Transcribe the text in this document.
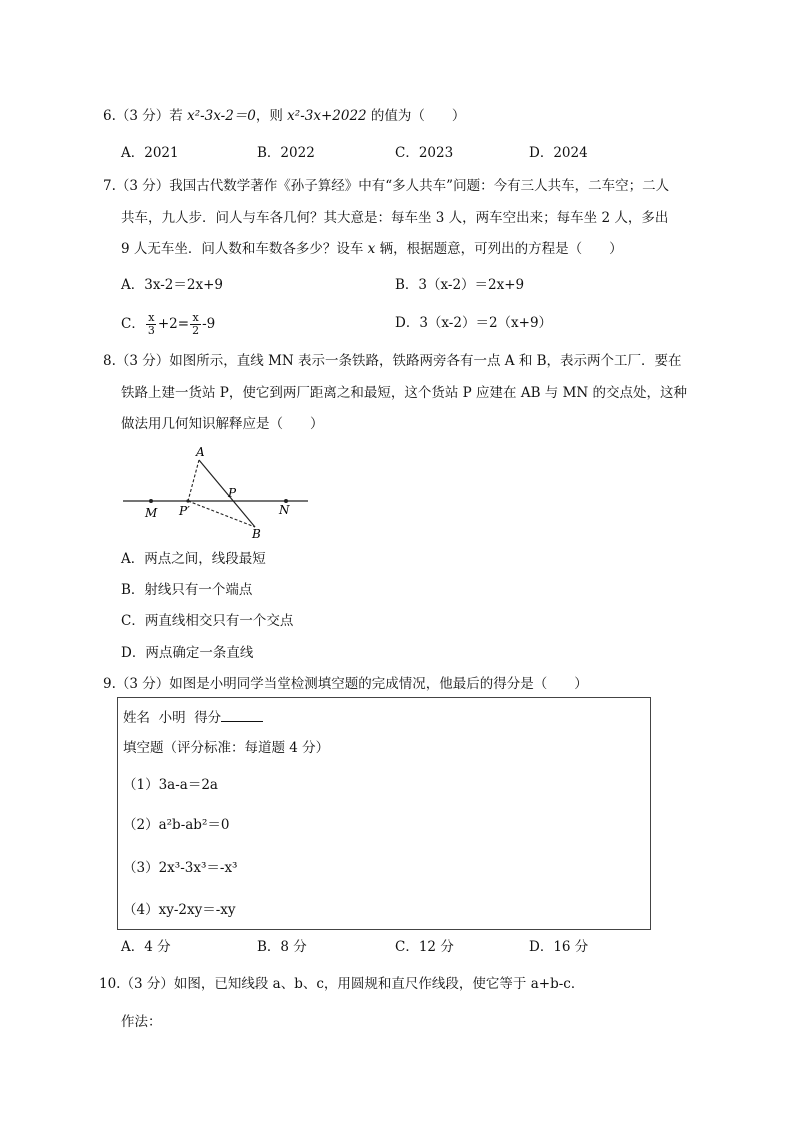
6.（3 分）若 x²-3x-2＝0，则 x²-3x+2022 的值为（　　）
A．2021	B．2022	C．2023	D．2024
7.（3 分）我国古代数学著作《孙子算经》中有“多人共车”问题：今有三人共车，二车空；二人
共车，九人步．问人与车各几何？其大意是：每车坐 3 人，两车空出来；每车坐 2 人，多出
9 人无车坐．问人数和车数各多少？设车 x 辆，根据题意，可列出的方程是（　　）
A．3x-2＝2x+9	B．3（x-2）＝2x+9
C． $\frac{x}{3} +2= \frac{x}{2} -9$	D．3（x-2）＝2（x+9）
8.（3 分）如图所示，直线 MN 表示一条铁路，铁路两旁各有一点 A 和 B，表示两个工厂．要在
铁路上建一货站 P，使它到两厂距离之和最短，这个货站 P 应建在 AB 与 MN 的交点处，这种
做法用几何知识解释应是（　　）
A
P
P′
M	N
B
A．两点之间，线段最短
B．射线只有一个端点
C．两直线相交只有一个交点
D．两点确定一条直线
9.（3 分）如图是小明同学当堂检测填空题的完成情况，他最后的得分是（　　）
姓名 小明 得分
填空题（评分标准：每道题 4 分）
（1）3a-a＝2a
（2）a²b-ab²＝0
（3）2x³-3x³＝-x³
（4）xy-2xy＝-xy
A．4 分	B．8 分	C．12 分	D．16 分
10.（3 分）如图，已知线段 a、b、c，用圆规和直尺作线段，使它等于 a+b-c．
作法：
